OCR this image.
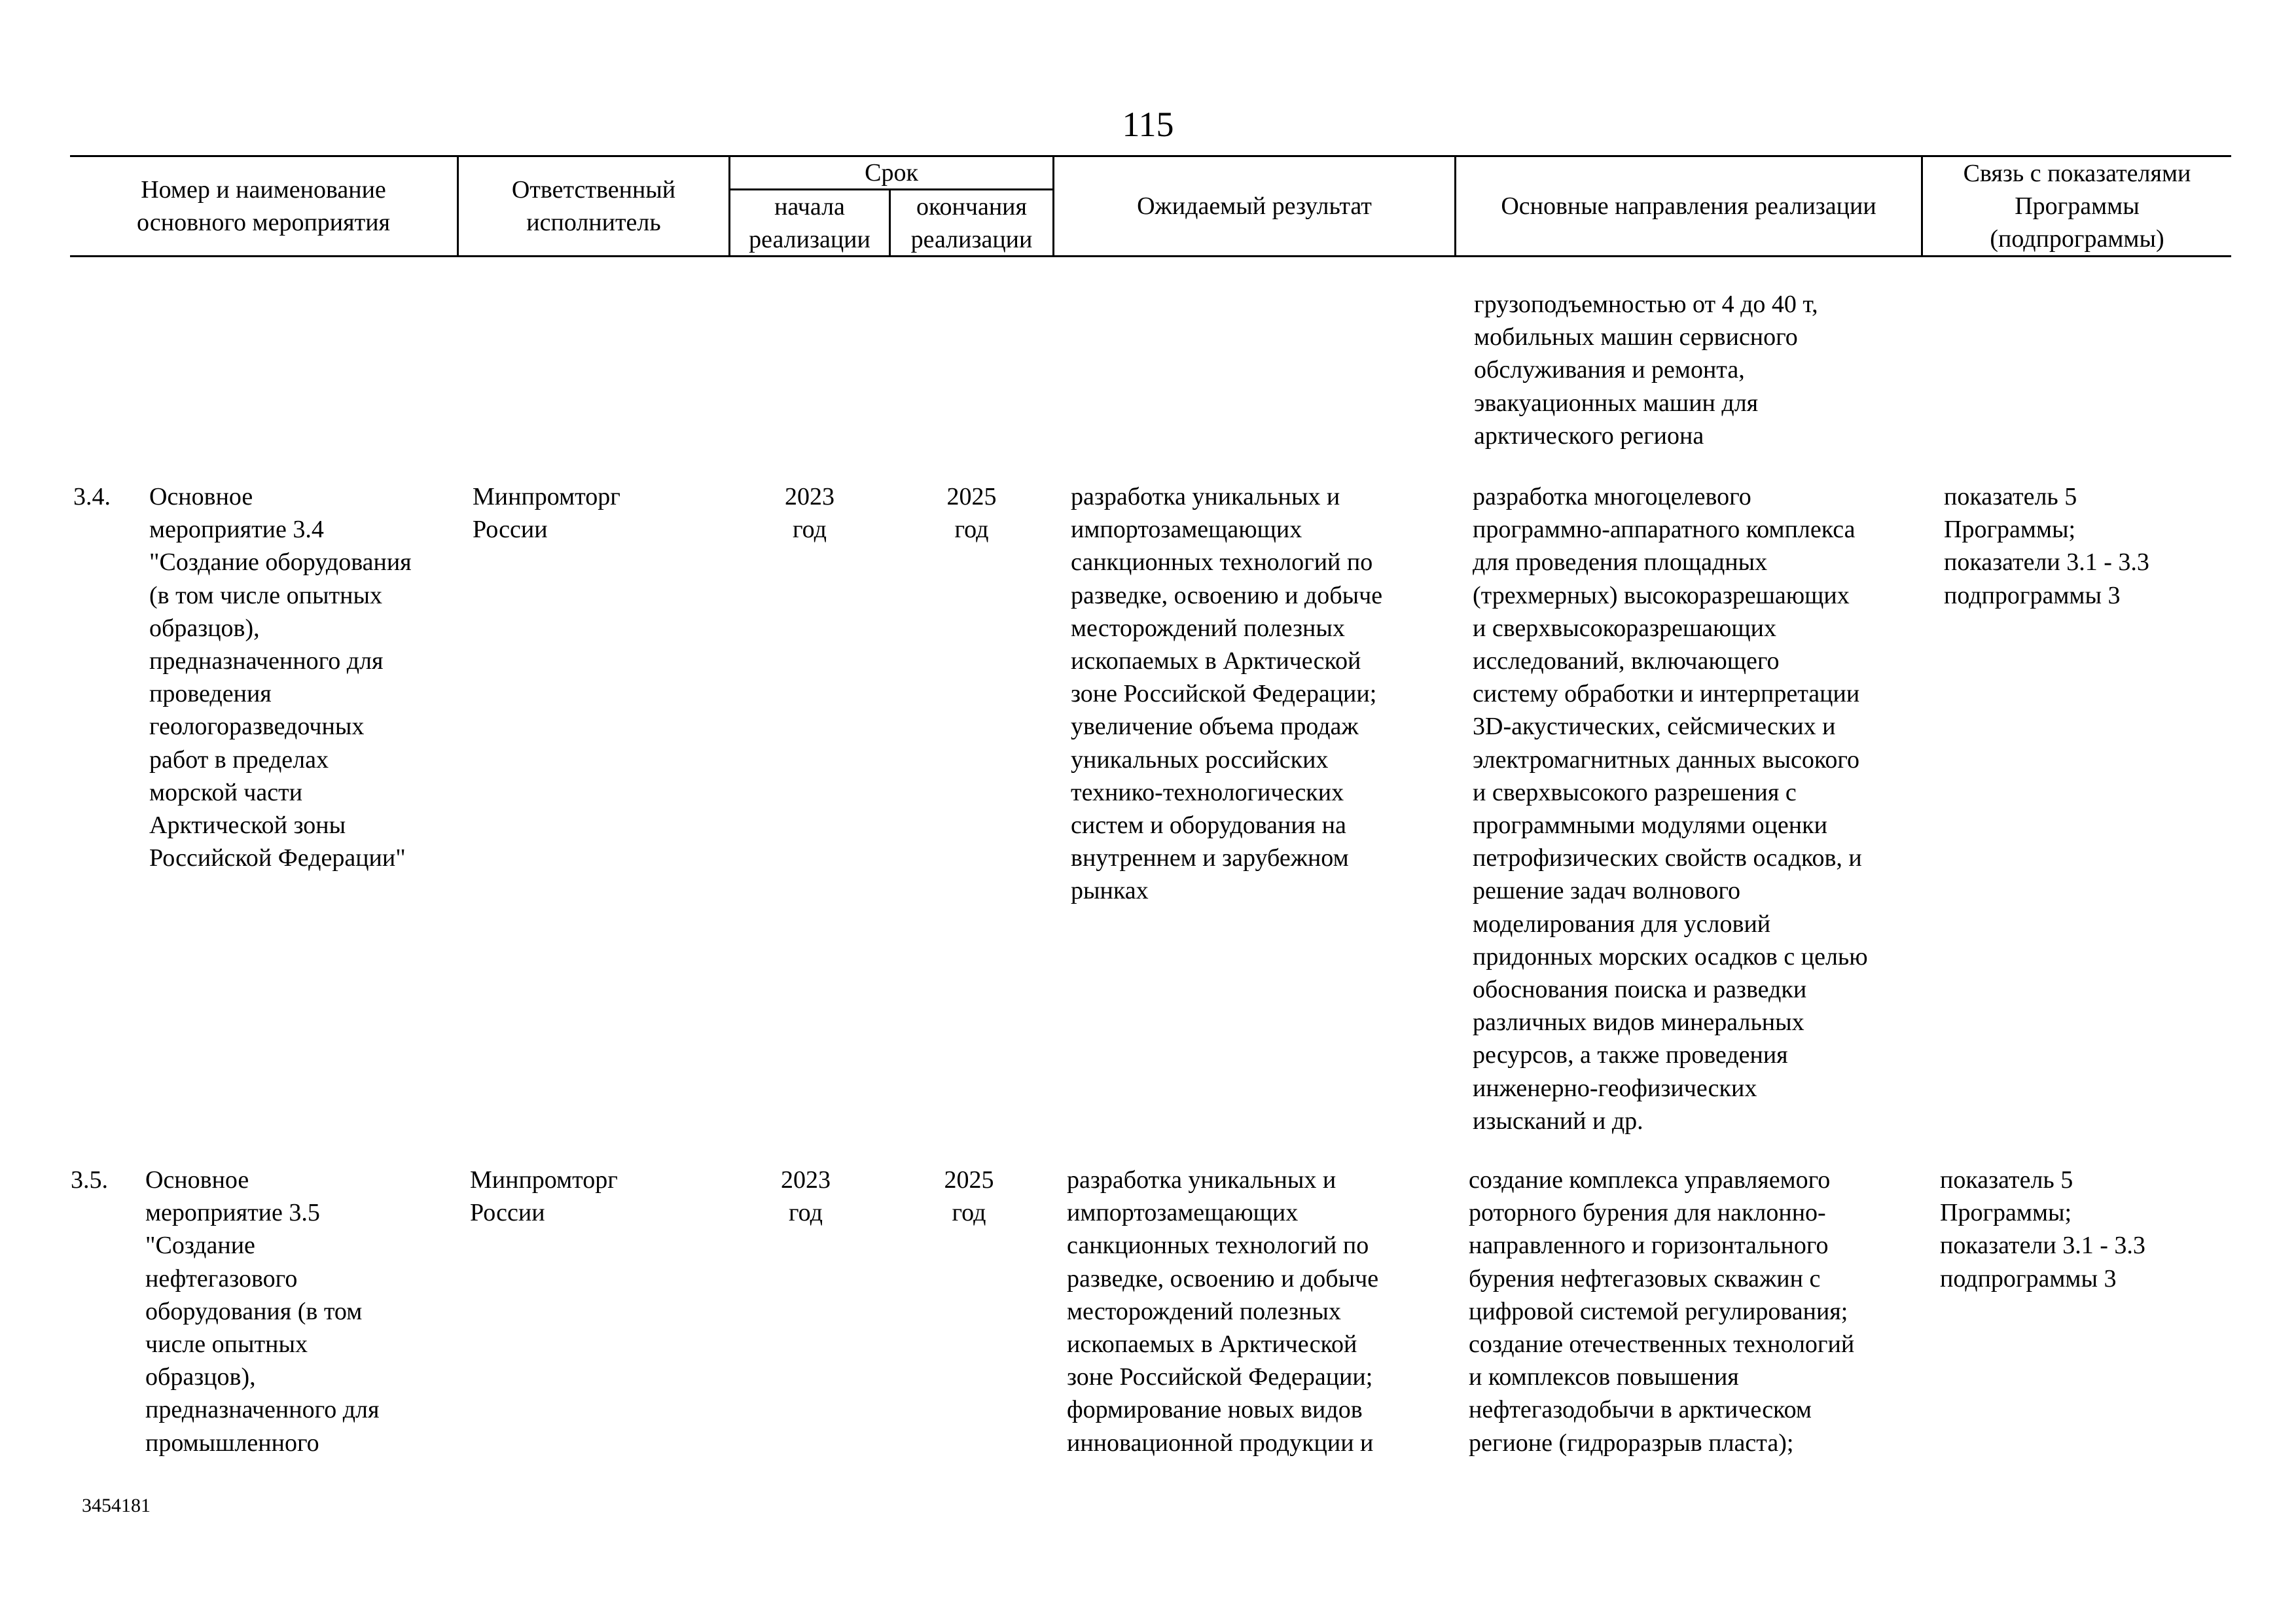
115
Номер и наименование
основного мероприятия
Ответственный
исполнитель
Срок
начала
реализации
окончания
реализации
Ожидаемый результат	Основные направления реализации
Связь с показателями
Программы
(подпрограммы)
грузоподъемностью от 4 до 40 т,
мобильных машин сервисного
обслуживания и ремонта,
эвакуационных машин для
арктического региона
3.4. Основное
мероприятие 3.4
"Создание оборудования
(в том числе опытных
образцов),
предназначенного для
проведения
геологоразведочных
работ в пределах
морской части
Арктической зоны
Российской Федерации"
Минпромторг
России
2023
год
2025
год
разработка уникальных и
импортозамещающих
санкционных технологий по
разведке, освоению и добыче
месторождений полезных
ископаемых в Арктической
зоне Российской Федерации;
увеличение объема продаж
уникальных российских
технико-технологических
систем и оборудования на
внутреннем и зарубежном
рынках
разработка многоцелевого
программно-аппаратного комплекса
для проведения площадных
(трехмерных) высокоразрешающих
и сверхвысокоразрешающих
исследований, включающего
систему обработки и интерпретации
3D-акустических, сейсмических и
электромагнитных данных высокого
и сверхвысокого разрешения с
программными модулями оценки
петрофизических свойств осадков, и
решение задач волнового
моделирования для условий
придонных морских осадков с целью
обоснования поиска и разведки
различных видов минеральных
ресурсов, а также проведения
инженерно-геофизических
изысканий и др.
показатель 5
Программы;
показатели 3.1 - 3.3
подпрограммы 3
3.5. Основное
мероприятие 3.5
"Создание
нефтегазового
оборудования (в том
числе опытных
образцов),
предназначенного для
промышленного
Минпромторг
России
2023
год
2025
год
разработка уникальных и
импортозамещающих
санкционных технологий по
разведке, освоению и добыче
месторождений полезных
ископаемых в Арктической
зоне Российской Федерации;
формирование новых видов
инновационной продукции и
создание комплекса управляемого
роторного бурения для наклонно-
направленного и горизонтального
бурения нефтегазовых скважин с
цифровой системой регулирования;
создание отечественных технологий
и комплексов повышения
нефтегазодобычи в арктическом
регионе (гидроразрыв пласта);
показатель 5
Программы;
показатели 3.1 - 3.3
подпрограммы 3
3454181
